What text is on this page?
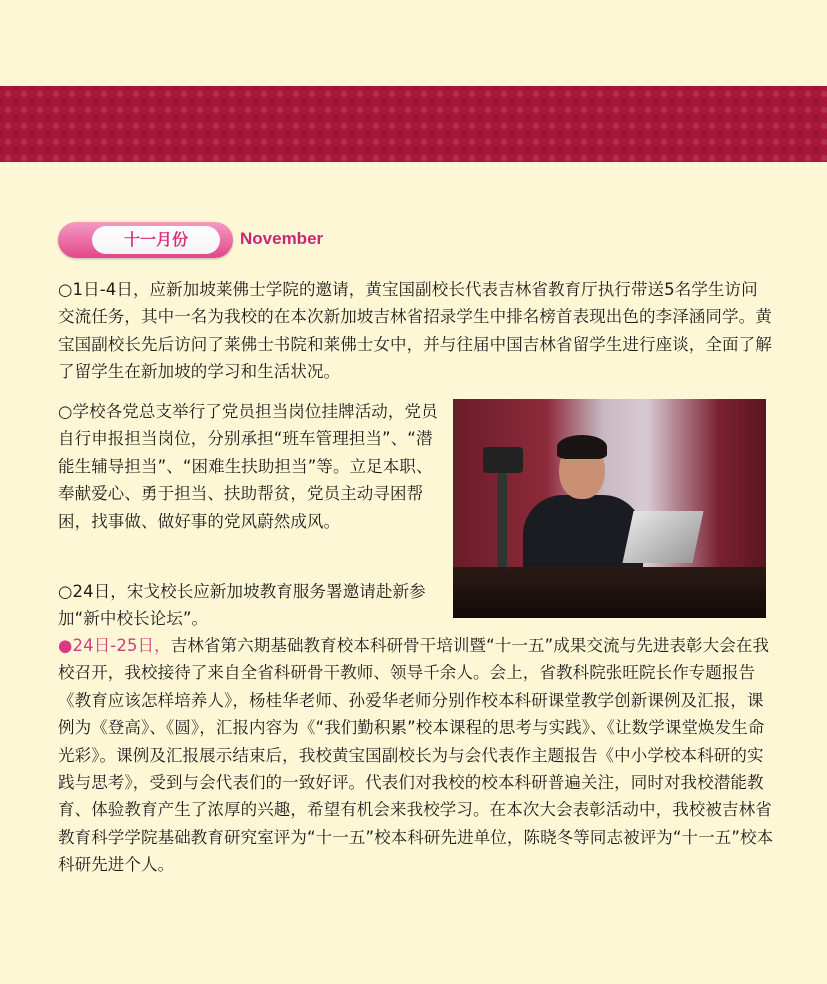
十一月份	November

○1日-4日，应新加坡莱佛士学院的邀请，黄宝国副校长代表吉林省教育厅执行带送5名学生访问交流任务，其中一名为我校的在本次新加坡吉林省招录学生中排名榜首表现出色的李泽涵同学。黄宝国副校长先后访问了莱佛士书院和莱佛士女中，并与往届中国吉林省留学生进行座谈，全面了解了留学生在新加坡的学习和生活状况。

○学校各党总支举行了党员担当岗位挂牌活动，党员自行申报担当岗位，分别承担“班车管理担当”、“潜能生辅导担当”、“困难生扶助担当”等。立足本职、奉献爱心、勇于担当、扶助帮贫，党员主动寻困帮困，找事做、做好事的党风蔚然成风。

○24日，宋戈校长应新加坡教育服务署邀请赴新参加“新中校长论坛”。

●24日-25日，吉林省第六期基础教育校本科研骨干培训暨“十一五”成果交流与先进表彰大会在我校召开，我校接待了来自全省科研骨干教师、领导千余人。会上，省教科院张旺院长作专题报告《教育应该怎样培养人》，杨桂华老师、孙爱华老师分别作校本科研课堂教学创新课例及汇报，课例为《登高》、《圆》，汇报内容为《“我们勤积累”校本课程的思考与实践》、《让数学课堂焕发生命光彩》。课例及汇报展示结束后，我校黄宝国副校长为与会代表作主题报告《中小学校本科研的实践与思考》，受到与会代表们的一致好评。代表们对我校的校本科研普遍关注，同时对我校潜能教育、体验教育产生了浓厚的兴趣，希望有机会来我校学习。在本次大会表彰活动中，我校被吉林省教育科学学院基础教育研究室评为“十一五”校本科研先进单位，陈晓冬等同志被评为“十一五”校本科研先进个人。
